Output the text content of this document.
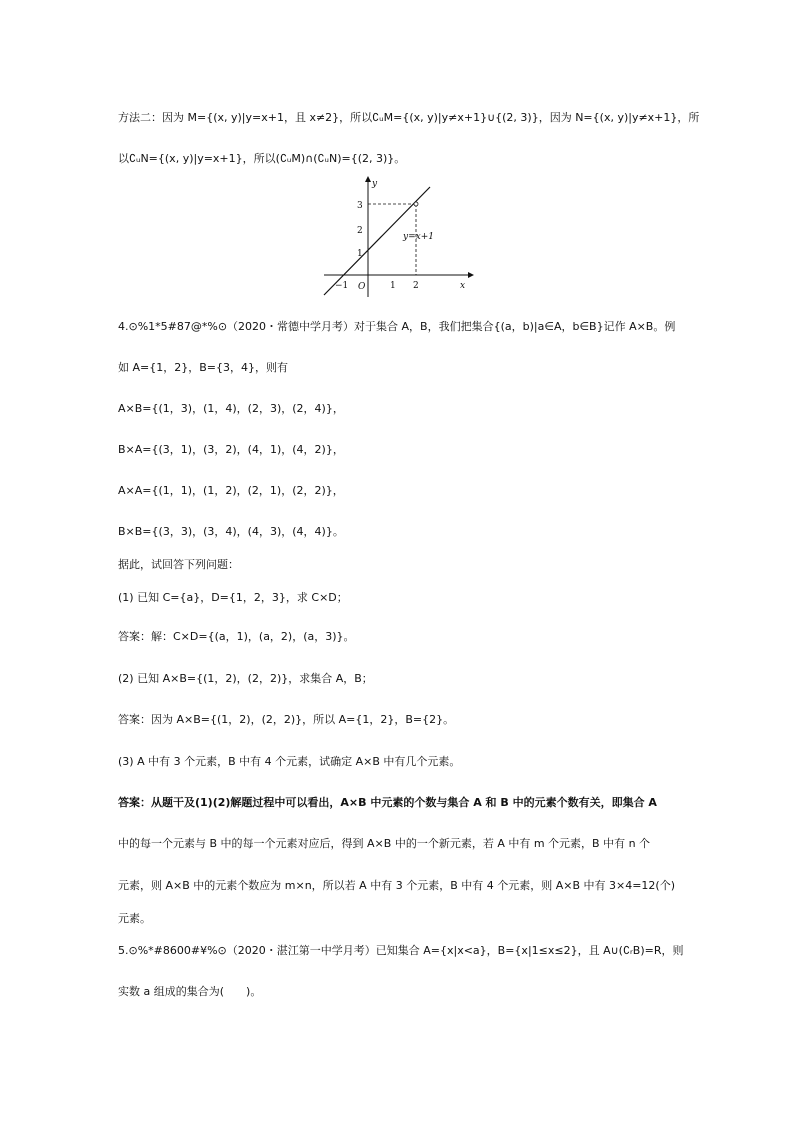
方法二：因为 M={(x, y)|y=x+1，且 x≠2}，所以∁ᵤM={(x, y)|y≠x+1}∪{(2, 3)}，因为 N={(x, y)|y≠x+1}，所
以∁ᵤN={(x, y)|y=x+1}，所以(∁ᵤM)∩(∁ᵤN)={(2, 3)}。
x
y
O
−1	1 2
1
2
3
y=x+1
4.⊙%1*5#87@*%⊙（2020・常德中学月考）对于集合 A，B，我们把集合{(a，b)|a∈A，b∈B}记作 A×B。例
如 A={1，2}，B={3，4}，则有
A×B={(1，3)，(1，4)，(2，3)，(2，4)}，
B×A={(3，1)，(3，2)，(4，1)，(4，2)}，
A×A={(1，1)，(1，2)，(2，1)，(2，2)}，
B×B={(3，3)，(3，4)，(4，3)，(4，4)}。
据此，试回答下列问题：
(1) 已知 C={a}，D={1，2，3}，求 C×D；
答案：解：C×D={(a，1)，(a，2)，(a，3)}。
(2) 已知 A×B={(1，2)，(2，2)}，求集合 A，B；
答案：因为 A×B={(1，2)，(2，2)}，所以 A={1，2}，B={2}。
(3) A 中有 3 个元素，B 中有 4 个元素，试确定 A×B 中有几个元素。
答案：从题干及(1)(2)解题过程中可以看出，A×B 中元素的个数与集合 A 和 B 中的元素个数有关，即集合 A
中的每一个元素与 B 中的每一个元素对应后，得到 A×B 中的一个新元素，若 A 中有 m 个元素，B 中有 n 个
元素，则 A×B 中的元素个数应为 m×n，所以若 A 中有 3 个元素，B 中有 4 个元素，则 A×B 中有 3×4=12(个)
元素。
5.⊙%*#8600#¥%⊙（2020・湛江第一中学月考）已知集合 A={x|x<a}，B={x|1≤x≤2}，且 A∪(∁ᵣB)=R，则
实数 a 组成的集合为(　　)。
